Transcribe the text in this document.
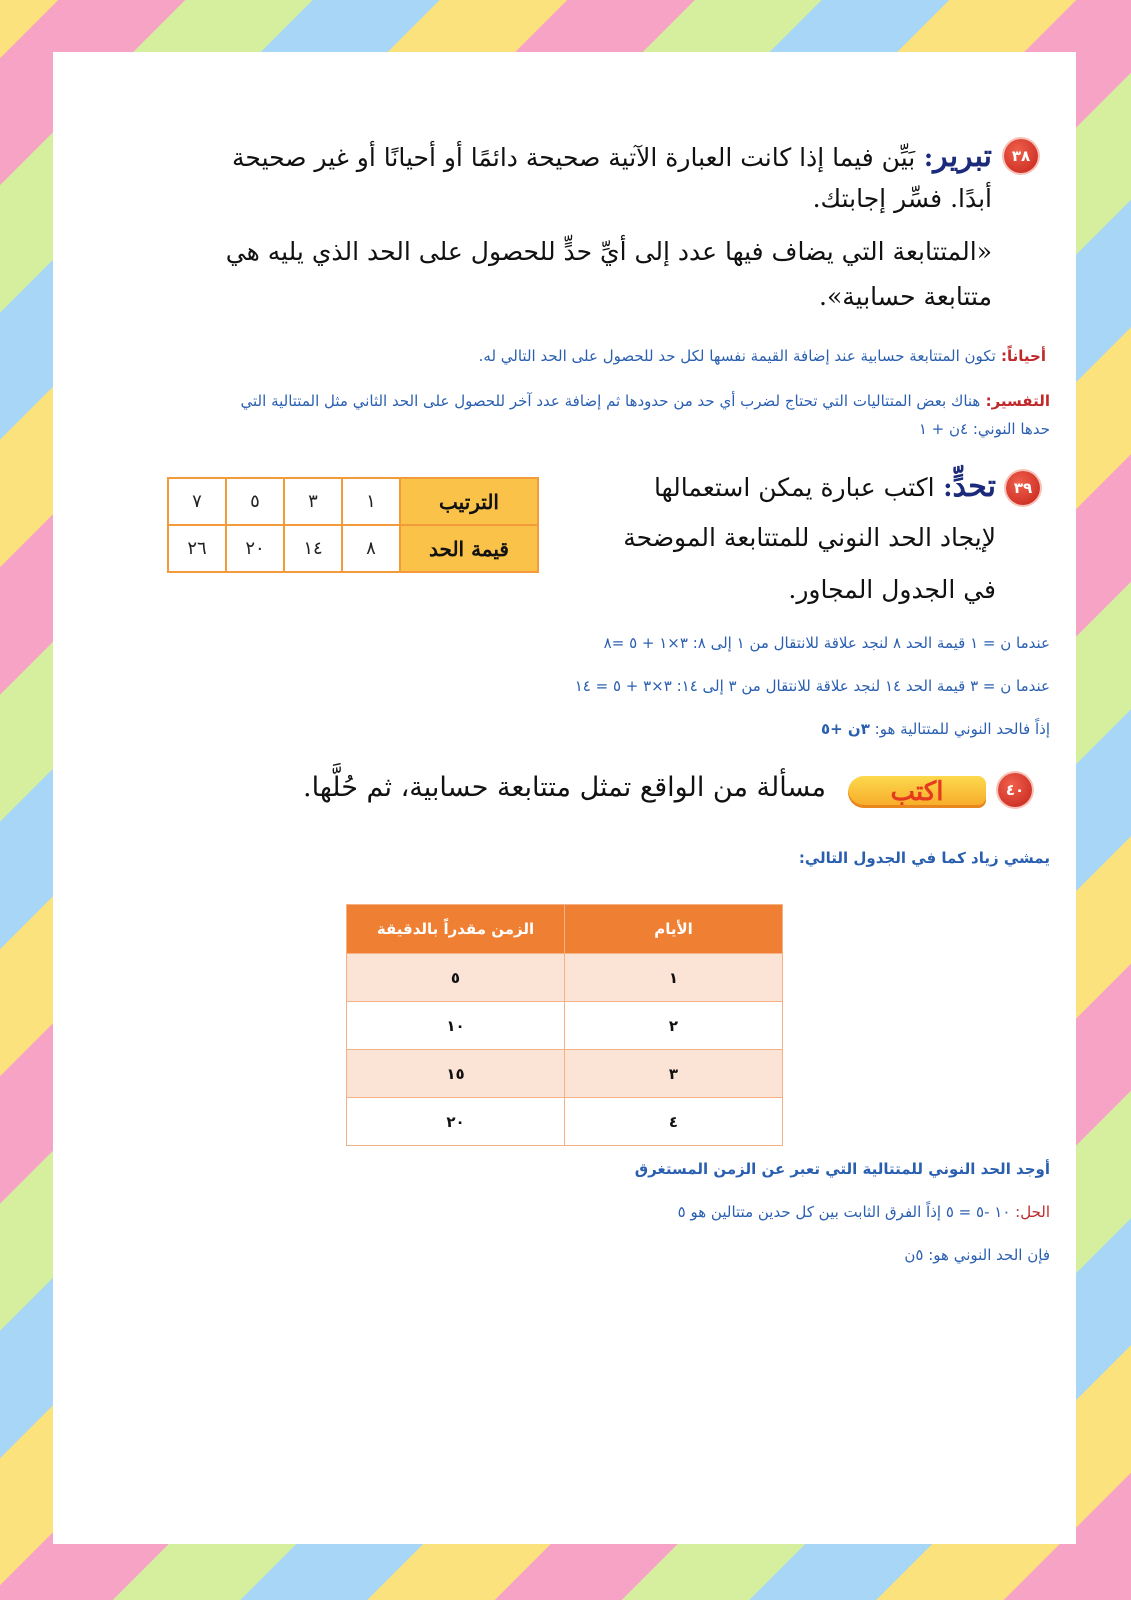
٣٨
تبرير: بَيِّن فيما إذا كانت العبارة الآتية صحيحة دائمًا أو أحيانًا أو غير صحيحة
أبدًا. فسِّر إجابتك.
«المتتابعة التي يضاف فيها عدد إلى أيِّ حدٍّ للحصول على الحد الذي يليه هي
متتابعة حسابية».
أحياناً: تكون المتتابعة حسابية عند إضافة القيمة نفسها لكل حد للحصول على الحد التالي له.
التفسير: هناك بعض المتتاليات التي تحتاج لضرب أي حد من حدودها ثم إضافة عدد آخر للحصول على الحد الثاني مثل المتتالية التي
حدها النوني: ٤ن + ١
٣٩
تحدٍّ: اكتب عبارة يمكن استعمالها
لإيجاد الحد النوني للمتتابعة الموضحة
في الجدول المجاور.
الترتيب	١	٣	٥	٧
قيمة الحد	٨	١٤	٢٠	٢٦
عندما ن = ١ قيمة الحد ٨ لنجد علاقة للانتقال من ١ إلى ٨: ٣×١ + ٥ =٨
عندما ن = ٣ قيمة الحد ١٤ لنجد علاقة للانتقال من ٣ إلى ١٤: ٣×٣ + ٥ = ١٤
إذاً فالحد النوني للمتتالية هو: ٣ن +٥
٤٠
اكتب
مسألة من الواقع تمثل متتابعة حسابية، ثم حُلَّها.
يمشي زياد كما في الجدول التالي:
الأيام	الزمن مقدراً بالدقيقة
١	٥
٢	١٠
٣	١٥
٤	٢٠
أوجد الحد النوني للمتتالية التي تعبر عن الزمن المستغرق
الحل: ١٠ -٥ = ٥ إذاً الفرق الثابت بين كل حدين متتالين هو ٥
فإن الحد النوني هو: ٥ن
